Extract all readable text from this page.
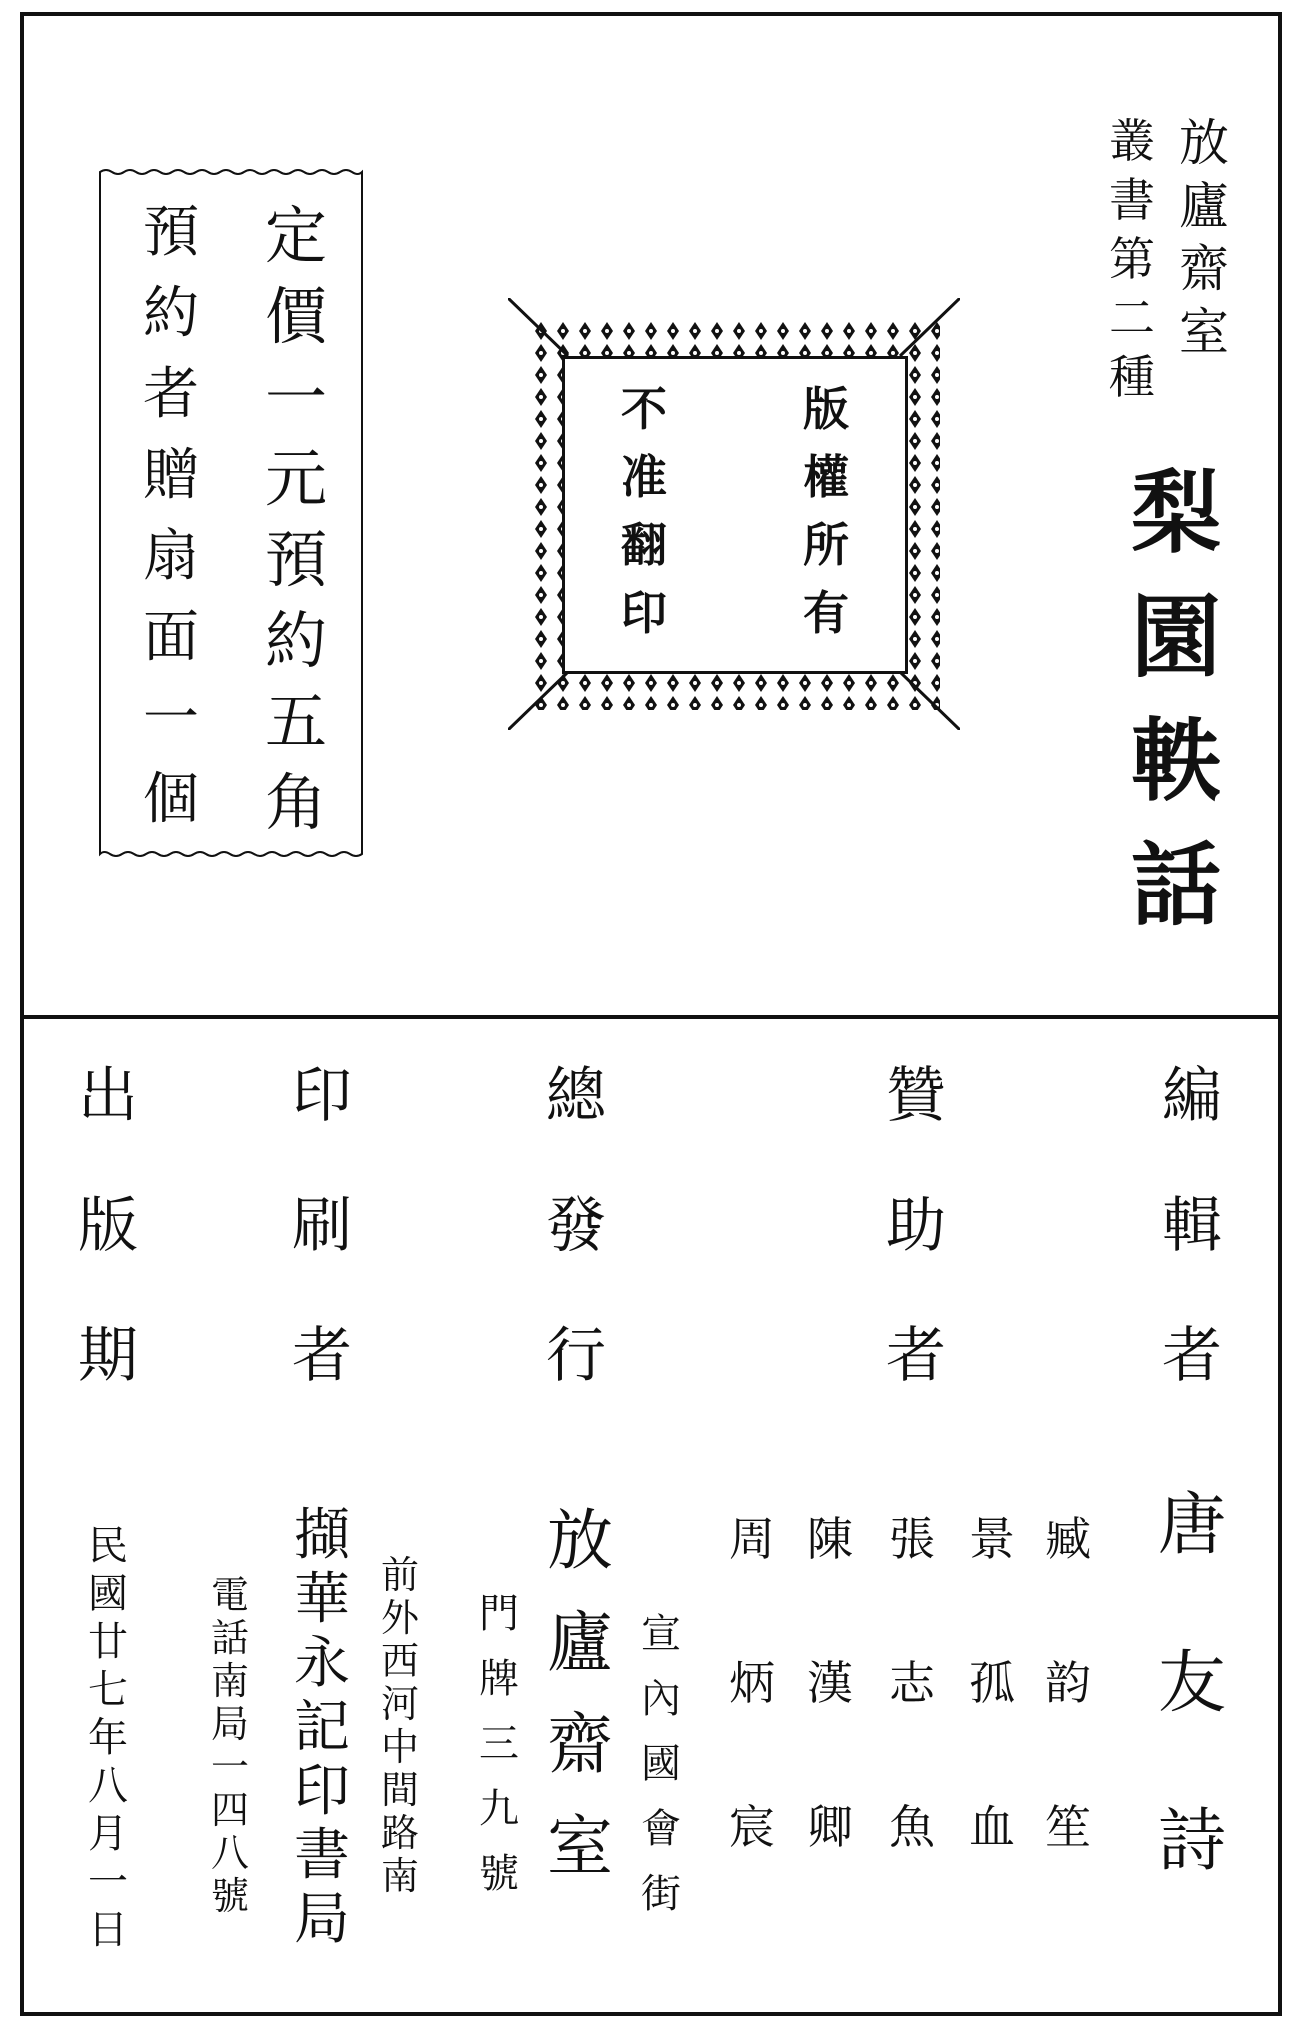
放
廬
齋
室
叢
書
第
二
種
梨
園
軼
話
版
權
所
有
不
准
翻
印
定
價
一
元
預
約
五
角
預
約
者
贈
扇
面
一
個
編
輯
者
贊
助
者
總
發
行
印
刷
者
出
版
期
唐
友
詩
臧
韵
笙
景
孤
血
張
志
魚
陳
漢
卿
周
炳
宸
宣
內
國
會
街
放
廬
齋
室
門
牌
三
九
號
前
外
西
河
中
間
路
南
擷
華
永
記
印
書
局
電
話
南
局
一
四
八
號
民
國
廿
七
年
八
月
一
日
